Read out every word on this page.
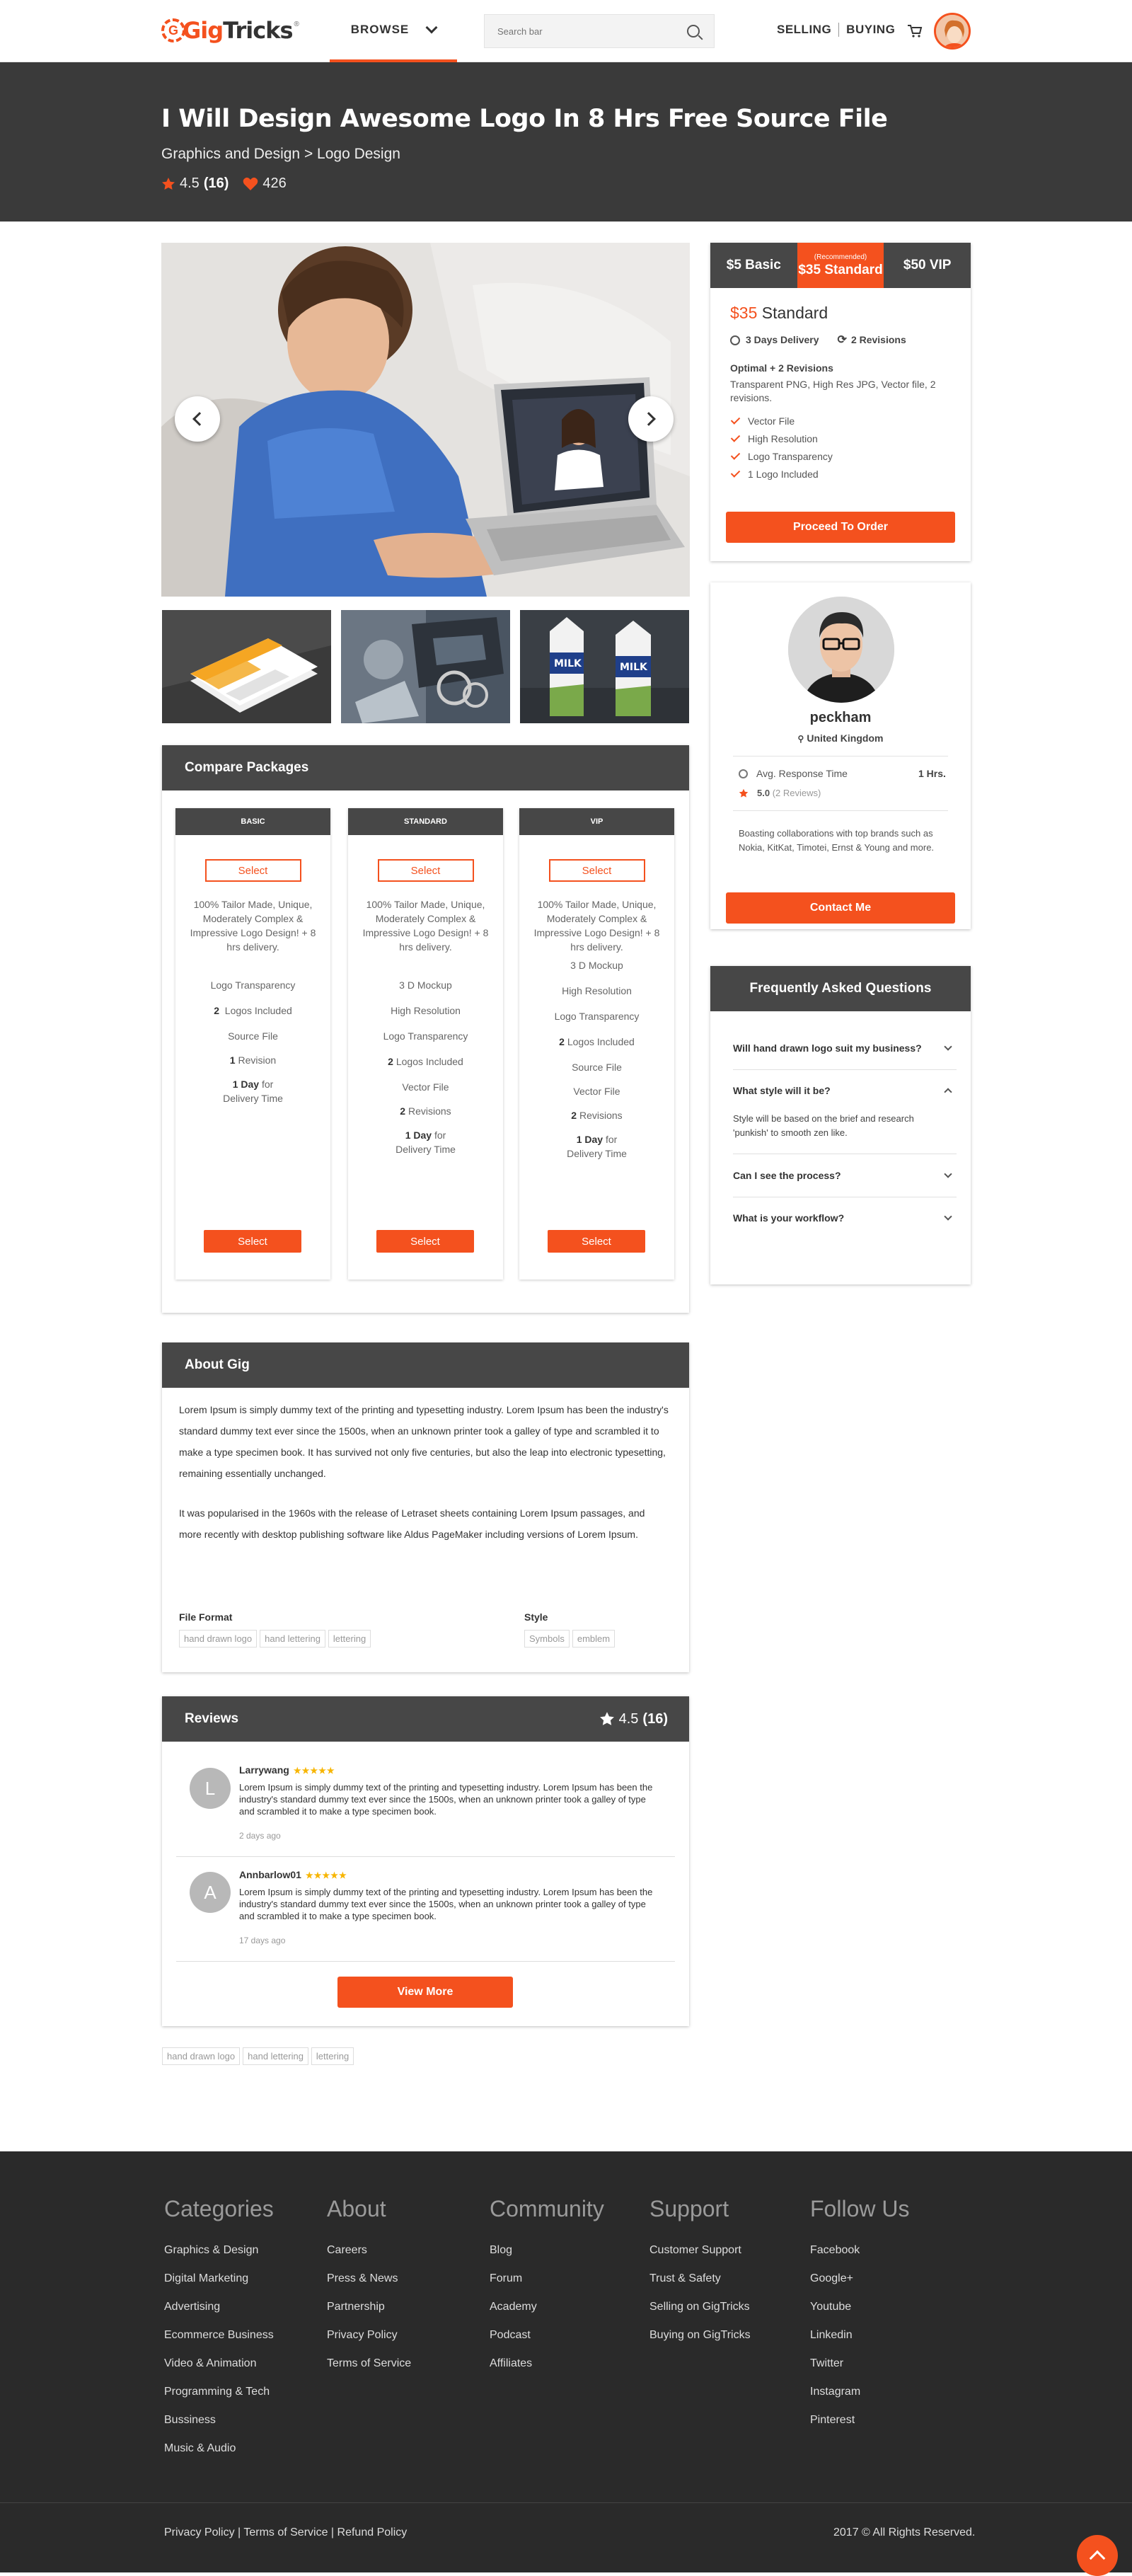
G GigTricks ®	BROWSE
Search bar	SELLING BUYING
I Will Design Awesome Logo In 8 Hrs Free Source File
Graphics and Design > Logo Design
4.5 (16) 426
MILK	MILK
Compare Packages
BASIC
Select
100% Tailor Made, Unique, Moderately Complex & Impressive Logo Design! + 8 hrs delivery.
Logo Transparency
2  Logos Included
Source File
1 Revision
1 Day for
Delivery Time
Select
STANDARD
Select
100% Tailor Made, Unique, Moderately Complex & Impressive Logo Design! + 8 hrs delivery.
3 D Mockup
High Resolution
Logo Transparency
2 Logos Included
Vector File
2 Revisions
1 Day for
Delivery Time
Select
VIP
Select
100% Tailor Made, Unique, Moderately Complex & Impressive Logo Design! + 8 hrs delivery.
3 D Mockup
High Resolution
Logo Transparency
2 Logos Included
Source File
Vector File
2 Revisions
1 Day for
Delivery Time
Select
About Gig
Lorem Ipsum is simply dummy text of the printing and typesetting industry. Lorem Ipsum has been the industry's standard dummy text ever since the 1500s, when an unknown printer took a galley of type and scrambled it to make a type specimen book. It has survived not only five centuries, but also the leap into electronic typesetting, remaining essentially unchanged.
It was popularised in the 1960s with the release of Letraset sheets containing Lorem Ipsum passages, and more recently with desktop publishing software like Aldus PageMaker including versions of Lorem Ipsum.
File Format
hand drawn logo hand lettering lettering
Style
Symbols emblem
Reviews	4.5 (16)
L
Larrywang ★★★★★
Lorem Ipsum is simply dummy text of the printing and typesetting industry. Lorem Ipsum has been the industry's standard dummy text ever since the 1500s, when an unknown printer took a galley of type and scrambled it to make a type specimen book.
2 days ago
A
Annbarlow01 ★★★★★
Lorem Ipsum is simply dummy text of the printing and typesetting industry. Lorem Ipsum has been the industry's standard dummy text ever since the 1500s, when an unknown printer took a galley of type and scrambled it to make a type specimen book.
17 days ago
View More
hand drawn logo hand lettering lettering
$5 Basic
(Recommended)
$35 Standard $50 VIP
$35 Standard
3 Days Delivery ⟳ 2 Revisions
Optimal + 2 Revisions
Transparent PNG, High Res JPG, Vector file, 2 revisions.
Vector File
High Resolution
Logo Transparency
1 Logo Included
Proceed To Order
peckham
⚲ United Kingdom
Avg. Response Time	1 Hrs.
5.0
(2 Reviews)
Boasting collaborations with top brands such as Nokia, KitKat, Timotei, Ernst & Young and more.
Contact Me
Frequently Asked Questions
Will hand drawn logo suit my business?
What style will it be?
Style will be based on the brief and research 'punkish' to smooth zen like.
Can I see the process?
What is your workflow?
Categories
Graphics & Design
Digital Marketing
Advertising
Ecommerce Business
Video & Animation
Programming & Tech
Bussiness
Music & Audio
About
Careers
Press & News
Partnership
Privacy Policy
Terms of Service
Community
Blog
Forum
Academy
Podcast
Affiliates
Support
Customer Support
Trust & Safety
Selling on GigTricks
Buying on GigTricks
Follow Us
Facebook
Google+
Youtube
Linkedin
Twitter
Instagram
Pinterest
Privacy Policy | Terms of Service | Refund Policy	2017 © All Rights Reserved.
